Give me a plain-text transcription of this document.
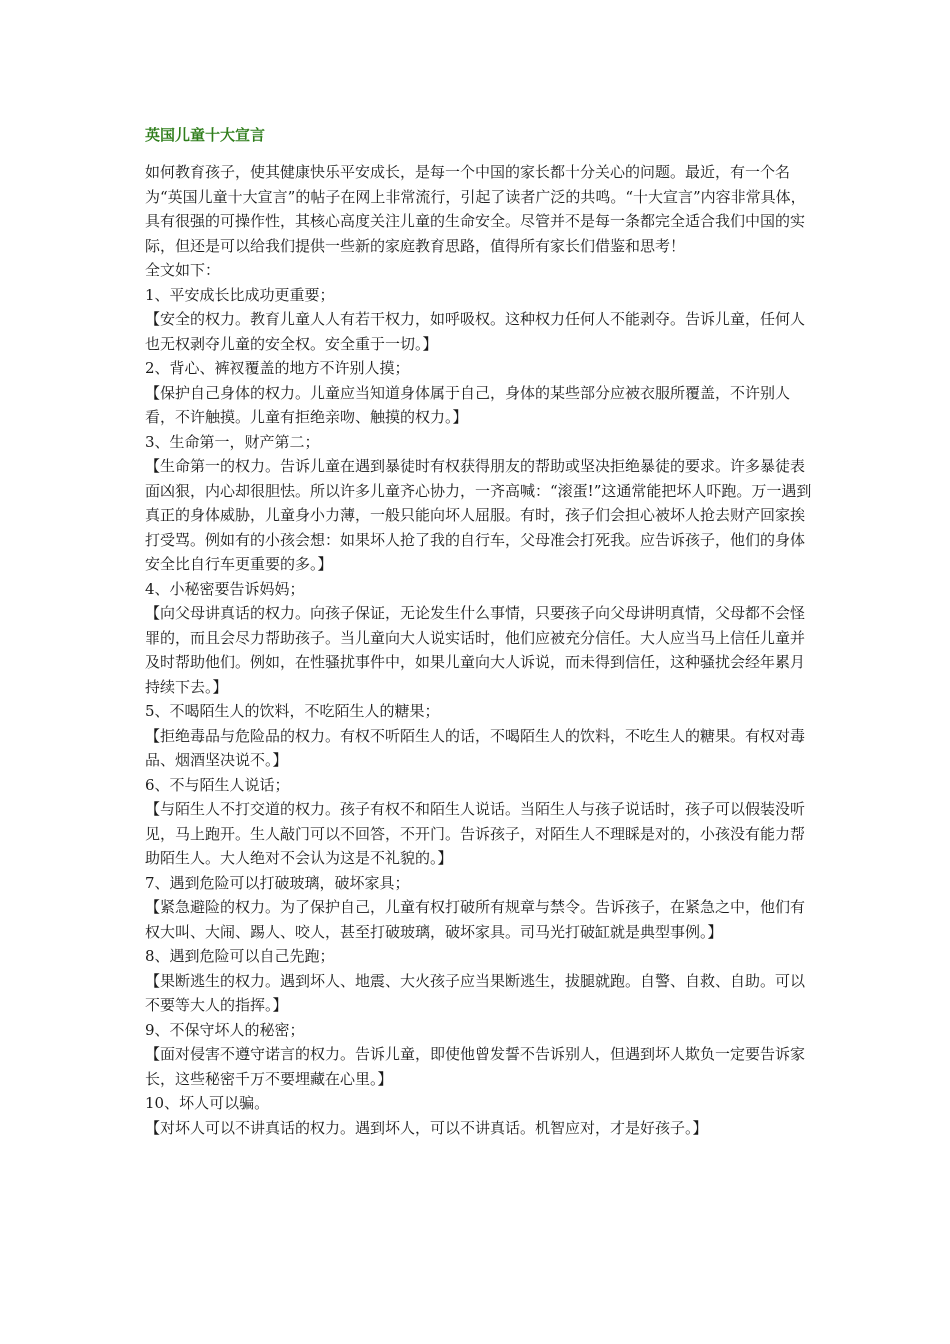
英国儿童十大宣言

如何教育孩子，使其健康快乐平安成长，是每一个中国的家长都十分关心的问题。最近，有一个名为“英国儿童十大宣言”的帖子在网上非常流行，引起了读者广泛的共鸣。“十大宣言”内容非常具体，具有很强的可操作性，其核心高度关注儿童的生命安全。尽管并不是每一条都完全适合我们中国的实际，但还是可以给我们提供一些新的家庭教育思路，值得所有家长们借鉴和思考！

全文如下：

1、平安成长比成功更重要；

【安全的权力。教育儿童人人有若干权力，如呼吸权。这种权力任何人不能剥夺。告诉儿童，任何人也无权剥夺儿童的安全权。安全重于一切。】

2、背心、裤衩覆盖的地方不许别人摸；

【保护自己身体的权力。儿童应当知道身体属于自己，身体的某些部分应被衣服所覆盖，不许别人看，不许触摸。儿童有拒绝亲吻、触摸的权力。】

3、生命第一，财产第二；

【生命第一的权力。告诉儿童在遇到暴徒时有权获得朋友的帮助或坚决拒绝暴徒的要求。许多暴徒表面凶狠，内心却很胆怯。所以许多儿童齐心协力，一齐高喊：“滚蛋!”这通常能把坏人吓跑。万一遇到真正的身体威胁，儿童身小力薄，一般只能向坏人屈服。有时，孩子们会担心被坏人抢去财产回家挨打受骂。例如有的小孩会想：如果坏人抢了我的自行车，父母准会打死我。应告诉孩子，他们的身体安全比自行车更重要的多。】

4、小秘密要告诉妈妈；

【向父母讲真话的权力。向孩子保证，无论发生什么事情，只要孩子向父母讲明真情，父母都不会怪罪的，而且会尽力帮助孩子。当儿童向大人说实话时，他们应被充分信任。大人应当马上信任儿童并及时帮助他们。例如，在性骚扰事件中，如果儿童向大人诉说，而未得到信任，这种骚扰会经年累月持续下去。】

5、不喝陌生人的饮料，不吃陌生人的糖果；

【拒绝毒品与危险品的权力。有权不听陌生人的话，不喝陌生人的饮料，不吃生人的糖果。有权对毒品、烟酒坚决说不。】

6、不与陌生人说话；

【与陌生人不打交道的权力。孩子有权不和陌生人说话。当陌生人与孩子说话时，孩子可以假装没听见，马上跑开。生人敲门可以不回答，不开门。告诉孩子，对陌生人不理睬是对的，小孩没有能力帮助陌生人。大人绝对不会认为这是不礼貌的。】

7、遇到危险可以打破玻璃，破坏家具；

【紧急避险的权力。为了保护自己，儿童有权打破所有规章与禁令。告诉孩子，在紧急之中，他们有权大叫、大闹、踢人、咬人，甚至打破玻璃，破坏家具。司马光打破缸就是典型事例。】

8、遇到危险可以自己先跑；

【果断逃生的权力。遇到坏人、地震、大火孩子应当果断逃生，拔腿就跑。自警、自救、自助。可以不要等大人的指挥。】

9、不保守坏人的秘密；

【面对侵害不遵守诺言的权力。告诉儿童，即使他曾发誓不告诉别人，但遇到坏人欺负一定要告诉家长，这些秘密千万不要埋藏在心里。】

10、坏人可以骗。

【对坏人可以不讲真话的权力。遇到坏人，可以不讲真话。机智应对，才是好孩子。】
